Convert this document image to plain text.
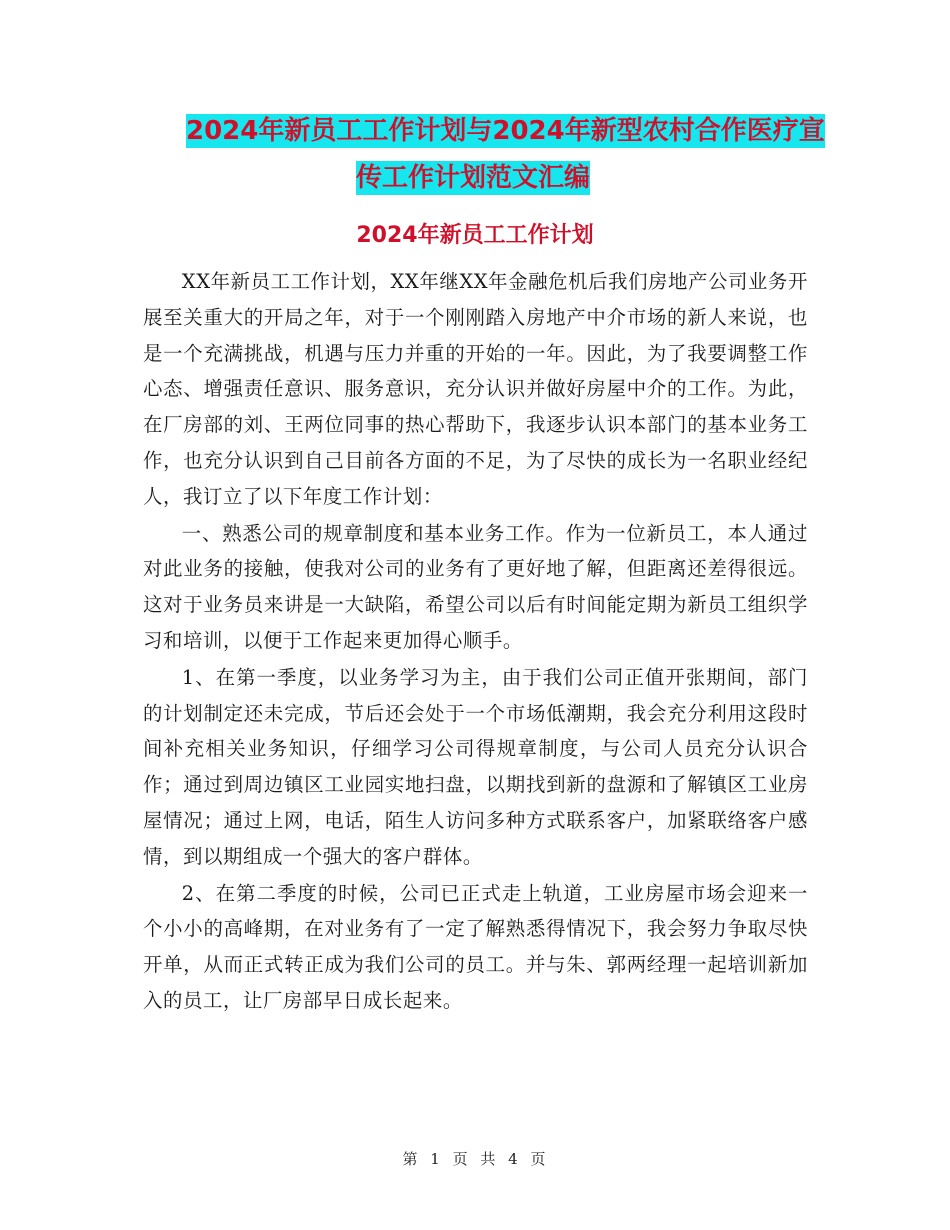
2024年新员工工作计划与2024年新型农村合作医疗宣
传工作计划范文汇编
2024年新员工工作计划

XX年新员工工作计划，XX年继XX年金融危机后我们房地产公司业务开展至关重大的开局之年，对于一个刚刚踏入房地产中介市场的新人来说，也是一个充满挑战，机遇与压力并重的开始的一年。因此，为了我要调整工作心态、增强责任意识、服务意识，充分认识并做好房屋中介的工作。为此，在厂房部的刘、王两位同事的热心帮助下，我逐步认识本部门的基本业务工作，也充分认识到自己目前各方面的不足，为了尽快的成长为一名职业经纪人，我订立了以下年度工作计划：

一、熟悉公司的规章制度和基本业务工作。作为一位新员工，本人通过对此业务的接触，使我对公司的业务有了更好地了解，但距离还差得很远。这对于业务员来讲是一大缺陷，希望公司以后有时间能定期为新员工组织学习和培训，以便于工作起来更加得心顺手。

1、在第一季度，以业务学习为主，由于我们公司正值开张期间，部门的计划制定还未完成，节后还会处于一个市场低潮期，我会充分利用这段时间补充相关业务知识，仔细学习公司得规章制度，与公司人员充分认识合作；通过到周边镇区工业园实地扫盘，以期找到新的盘源和了解镇区工业房屋情况；通过上网，电话，陌生人访问多种方式联系客户，加紧联络客户感情，到以期组成一个强大的客户群体。

2、在第二季度的时候，公司已正式走上轨道，工业房屋市场会迎来一个小小的高峰期，在对业务有了一定了解熟悉得情况下，我会努力争取尽快开单，从而正式转正成为我们公司的员工。并与朱、郭两经理一起培训新加入的员工，让厂房部早日成长起来。

第 1 页 共 4 页
